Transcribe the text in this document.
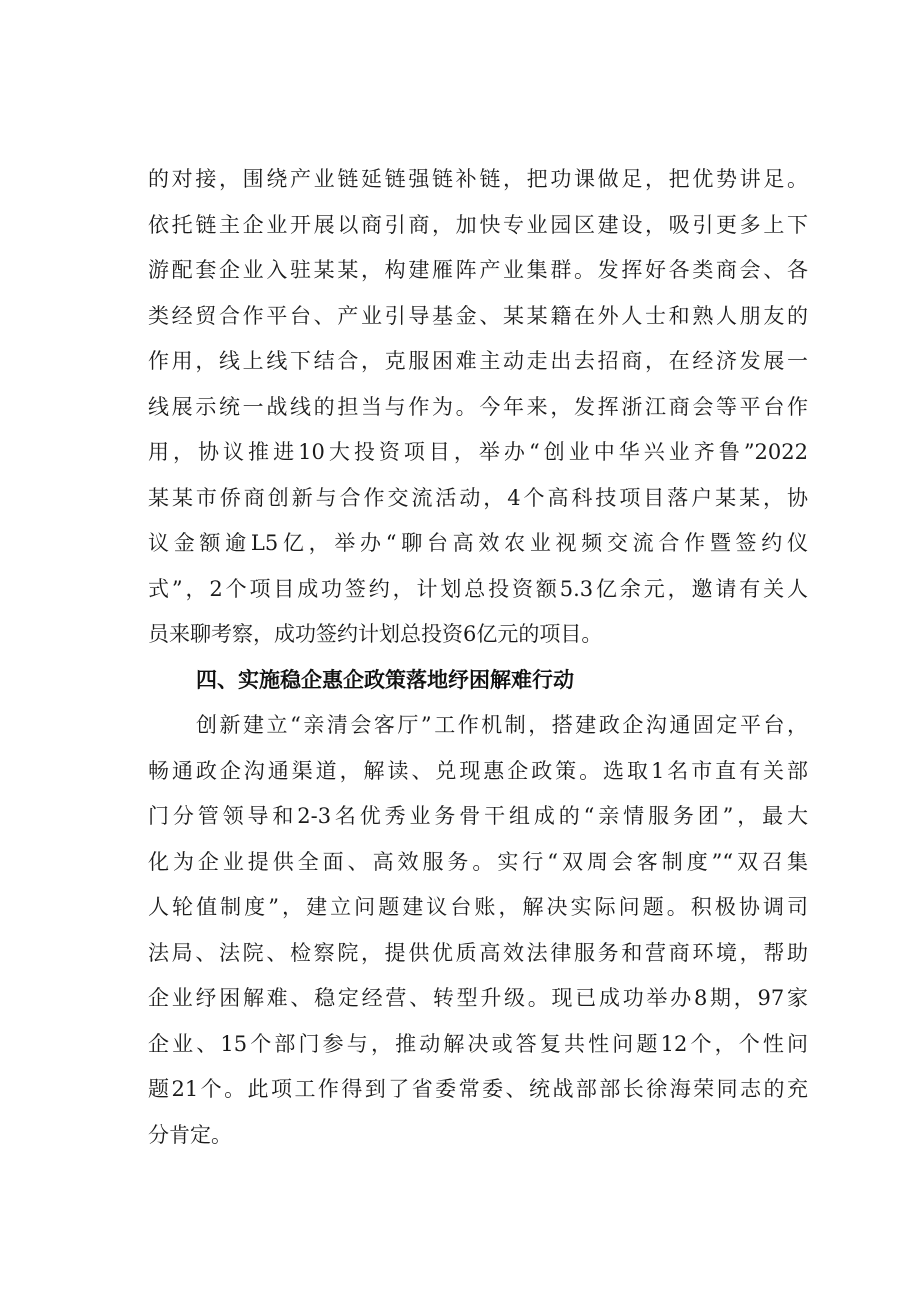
的对接，围绕产业链延链强链补链，把功课做足，把优势讲足。
依托链主企业开展以商引商，加快专业园区建设，吸引更多上下
游配套企业入驻某某，构建雁阵产业集群。发挥好各类商会、各
类经贸合作平台、产业引导基金、某某籍在外人士和熟人朋友的
作用，线上线下结合，克服困难主动走出去招商，在经济发展一
线展示统一战线的担当与作为。今年来，发挥浙江商会等平台作
用，协议推进10大投资项目，举办“创业中华兴业齐鲁”2022
某某市侨商创新与合作交流活动，4个高科技项目落户某某，协
议金额逾L5亿，举办“聊台高效农业视频交流合作暨签约仪
式”，2个项目成功签约，计划总投资额5.3亿余元，邀请有关人
员来聊考察，成功签约计划总投资6亿元的项目。
四、实施稳企惠企政策落地纾困解难行动
创新建立“亲清会客厅”工作机制，搭建政企沟通固定平台，
畅通政企沟通渠道，解读、兑现惠企政策。选取1名市直有关部
门分管领导和2-3名优秀业务骨干组成的“亲情服务团”，最大
化为企业提供全面、高效服务。实行“双周会客制度”“双召集
人轮值制度”，建立问题建议台账，解决实际问题。积极协调司
法局、法院、检察院，提供优质高效法律服务和营商环境，帮助
企业纾困解难、稳定经营、转型升级。现已成功举办8期，97家
企业、15个部门参与，推动解决或答复共性问题12个，个性问
题21个。此项工作得到了省委常委、统战部部长徐海荣同志的充
分肯定。
